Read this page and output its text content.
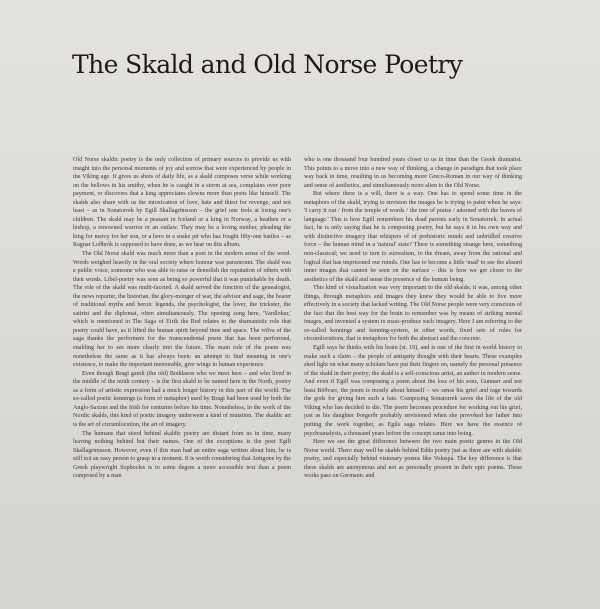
The Skald and Old Norse Poetry

Old Norse skaldic poetry is the only collection of primary sources to provide us with insight into the personal moments of joy and sorrow that were experienced by people in the Viking age. It gives us shots of daily life, as a skald composes verse while working on the bellows in his smithy, when he is caught in a storm at sea, complains over poor payment, or discovers that a king appreciates clowns more than poets like himself. The skalds also share with us the intoxication of love, hate and thirst for revenge, and not least – as in Sonatorrek by Egill Skallagrimsson – the grief one feels at losing one's children. The skald may be a peasant in Iceland or a king in Norway, a heathen or a bishop, a renowned warrior or an outlaw. They may be a loving mother, pleading the king for mercy for her son, or a hero in a snake pit who has fought fifty-one battles – as Ragnar Loðbrók is supposed to have done, as we hear on this album.

The Old Norse skald was much more than a poet in the modern sense of the word. Words weighed heavily in the oral society where honour was paramount. The skald was a public voice, someone who was able to raise or demolish the reputation of others with their words. Libel-poetry was seen as being so powerful that it was punishable by death. The role of the skald was multi-faceted. A skald served the function of the genealogist, the news reporter, the historian, the glory-monger of war, the advisor and sage, the bearer of traditional myths and heroic legends, the psychologist, the lover, the trickster, the satirist and the diplomat, often simultaneously. The opening song here, 'Vardlokur,' which is mentioned in The Saga of Eirik the Red relates to the shamanistic role that poetry could have, as it lifted the human spirit beyond time and space. The völva of the saga thanks the performers for the transcendental poem that has been performed, enabling her to see more clearly into the future. The main role of the poem was nonetheless the same as it has always been: an attempt to find meaning in one's existence, to make the important memorable, give wings to human experience.

Even though Bragi gamli (the old) Boddason who we meet here – and who lived in the middle of the ninth century – is the first skald to be named here in the North, poetry as a form of artistic expression had a much longer history in this part of the world. The so-called poetic kennings (a form of metaphor) used by Bragi had been used by both the Anglo-Saxons and the Irish for centuries before his time. Nonetheless, in the work of the Nordic skalds, this kind of poetic imagery underwent a kind of mutation. The skaldic art is the art of circumlocution, the art of imagery.

The humans that stood behind skaldic poetry are distant from us in time, many leaving nothing behind but their names. One of the exceptions is the poet Egill Skallagrimsson. However, even if this man had an entire saga written about him, he is still not an easy person to grasp in a moment. It is worth considering that Antigone by the Greek playwright Sophocles is to some degree a more accessible text than a poem composed by a man

who is one thousand four hundred years closer to us in time than the Greek dramatist. This points to a move into a new way of thinking, a change in paradigm that took place way back in time, resulting in us becoming more Greco-Roman in our way of thinking and sense of aesthetics, and simultaneously more alien to the Old Norse.

But where there is a will, there is a way. One has to spend some time in the metaphors of the skald, trying to envision the images he is trying to paint when he says: 'I carry it out / from the temple of words / the tree of praise / adorned with the leaves of language.' This is how Egill remembers his dead parents early in Sonatorrek. In actual fact, he is only saying that he is composing poetry, but he says it in his own way and with distinctive imagery that whispers of of prehistoric minds and unbridled creative force – the human mind in a 'natural' state? There is something strange here, something non-classical; we need to turn to surrealism, to the dream, away from the rational and logical that has imprisoned our minds. One has to become a little 'mad' to see the absurd inner images that cannot be seen on the surface – this is how we get closer to the aesthetics of the skald and sense the presence of the human being.

This kind of visualization was very important to the old skalds; it was, among other things, through metaphors and images they knew they would be able to live more effectively in a society that lacked writing. The Old Norse people were very conscious of the fact that the best way for the brain to remember was by means of striking mental images, and invented a system to mass-produce such imagery. Here I am referring to the so-called kennings and kenning-system, in other words, fixed sets of rules for circumlocutions, that is metaphors for both the abstract and the concrete.

Egill says he thinks with his brain (st. 19), and is one of the first in world history to make such a claim – the people of antiquity thought with their hearts. These examples shed light on what many scholars have put their fingers on, namely the personal presence of the skald in their poetry; the skald is a self-conscious artist, an author in modern sense. And even if Egill was composing a poem about the loss of his sons, Gunnarr and not least Böðvarr, the poem is mostly about himself – we sense his grief and rage towards the gods for giving him such a fate. Composing Sonatorrek saves the life of the old Viking who has decided to die. The poem becomes procedure for working out his grief, just as his daughter Þorgerðr probably envisioned when she provoked her father into putting the work together, as Egils saga relates. Here we have the essence of psychoanalysis, a thousand years before the concept came into being.

Here we see the great difference between the two main poetic genres in the Old Norse world. There may well be skalds behind Edda poetry just as there are with skaldic poetry, and especially behind visionary poems like Voluspá. The key difference is that these skalds are anonymous and not as personally present in their epic poems. These works pass on Germanic and
